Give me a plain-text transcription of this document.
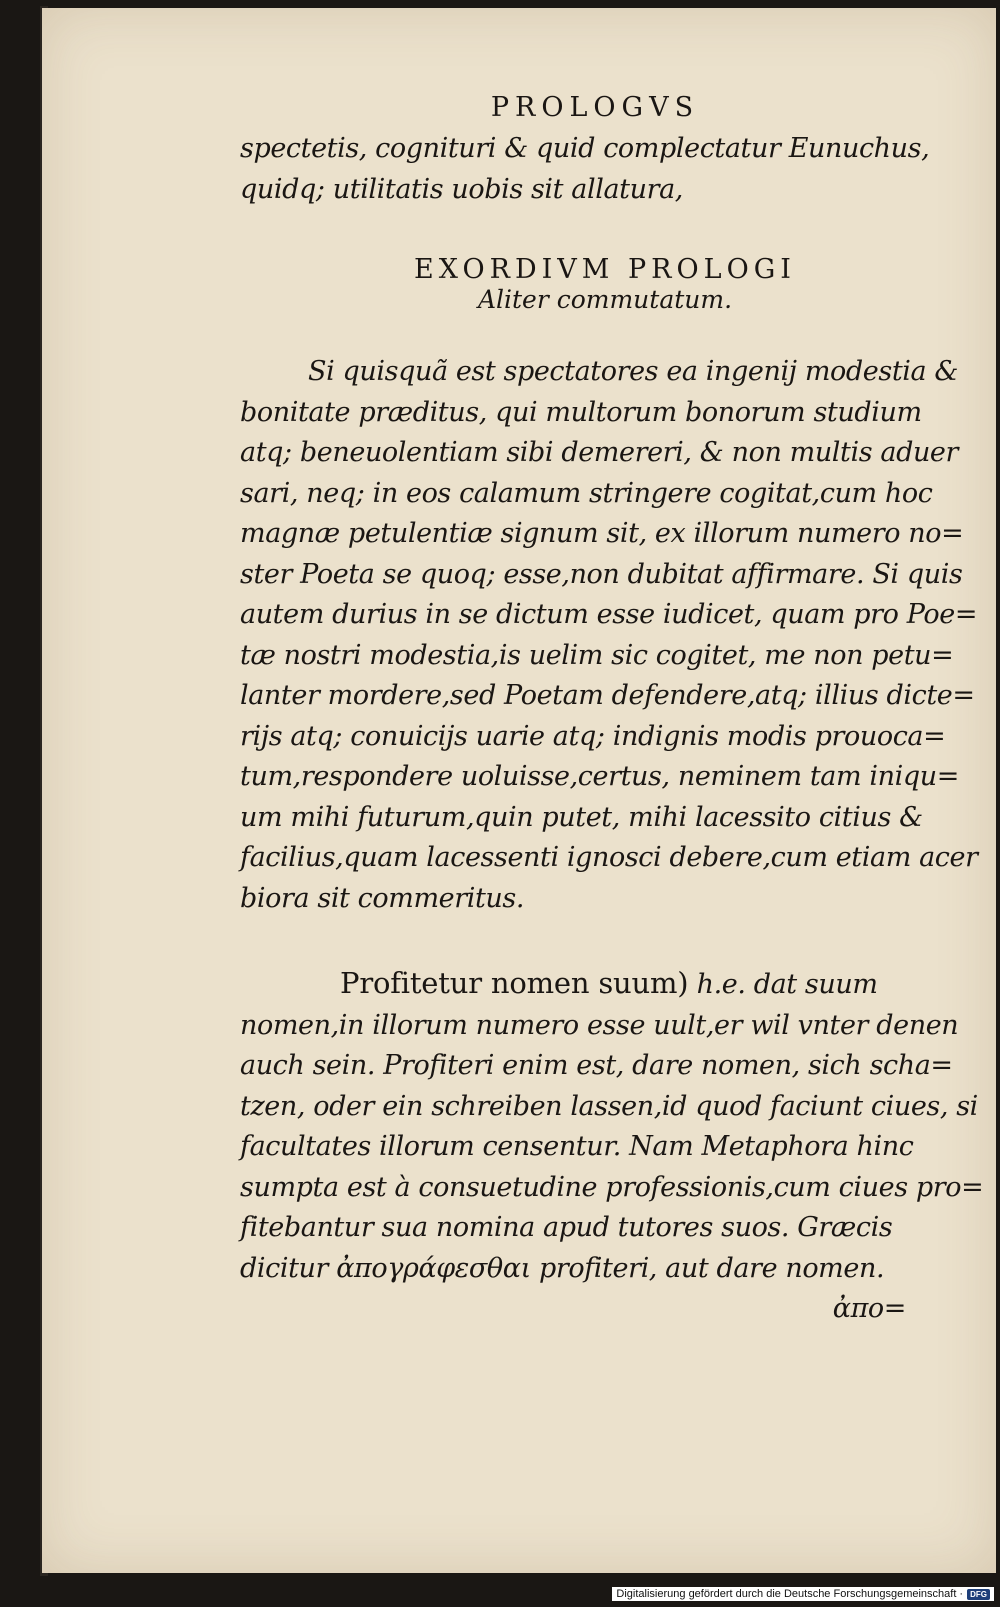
PROLOGVS
spectetis, cognituri & quid complectatur Eunuchus,
quidq; utilitatis uobis sit allatura,
EXORDIVM PROLOGI
Aliter commutatum.
Si quisquã est spectatores ea ingenij modestia &
bonitate præditus, qui multorum bonorum studium
atq; beneuolentiam sibi demereri, & non multis aduer
sari, neq; in eos calamum stringere cogitat,cum hoc
magnæ petulentiæ signum sit, ex illorum numero no=
ster Poeta se quoq; esse,non dubitat affirmare. Si quis
autem durius in se dictum esse iudicet, quam pro Poe=
tæ nostri modestia,is uelim sic cogitet, me non petu=
lanter mordere,sed Poetam defendere,atq; illius dicte=
rijs atq; conuicijs uarie atq; indignis modis prouoca=
tum,respondere uoluisse,certus, neminem tam iniqu=
um mihi futurum,quin putet, mihi lacessito citius &
facilius,quam lacessenti ignosci debere,cum etiam acer
biora sit commeritus.
Profitetur nomen suum) h.e. dat suum
nomen,in illorum numero esse uult,er wil vnter denen
auch sein. Profiteri enim est, dare nomen, sich scha=
tzen, oder ein schreiben lassen,id quod faciunt ciues, si
facultates illorum censentur. Nam Metaphora hinc
sumpta est à consuetudine professionis,cum ciues pro=
fitebantur sua nomina apud tutores suos. Græcis
dicitur ἀπογράφεσθαι profiteri, aut dare nomen.
ἀπο=
Digitalisierung gefördert durch die Deutsche Forschungsgemeinschaft · DFG
